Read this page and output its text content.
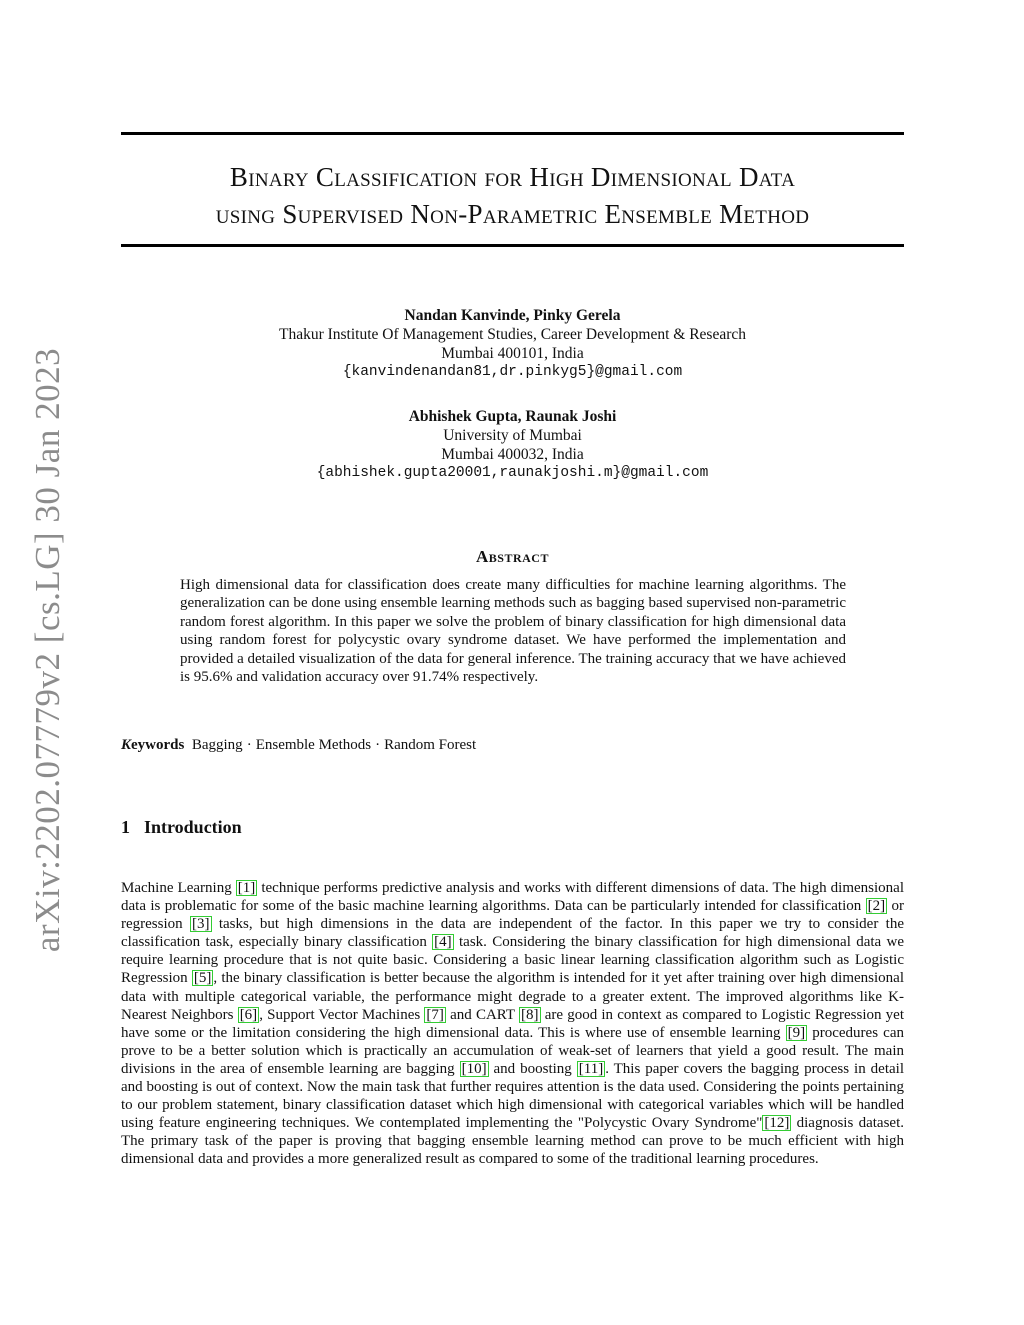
arXiv:2202.07779v2 [cs.LG] 30 Jan 2023
Binary Classification for High Dimensional Data
using Supervised Non-Parametric Ensemble Method
Nandan Kanvinde, Pinky Gerela
Thakur Institute Of Management Studies, Career Development & Research
Mumbai 400101, India
{kanvindenandan81,dr.pinkyg5}@gmail.com
Abhishek Gupta, Raunak Joshi
University of Mumbai
Mumbai 400032, India
{abhishek.gupta20001,raunakjoshi.m}@gmail.com
Abstract
High dimensional data for classification does create many difficulties for machine learning algorithms. The generalization can be done using ensemble learning methods such as bagging based supervised non-parametric random forest algorithm. In this paper we solve the problem of binary classification for high dimensional data using random forest for polycystic ovary syndrome dataset. We have performed the implementation and provided a detailed visualization of the data for general inference. The training accuracy that we have achieved is 95.6% and validation accuracy over 91.74% respectively.
Keywords Bagging · Ensemble Methods · Random Forest
1 Introduction
Machine Learning [1] technique performs predictive analysis and works with different dimensions of data. The high dimensional data is problematic for some of the basic machine learning algorithms. Data can be particularly intended for classification [2] or regression [3] tasks, but high dimensions in the data are independent of the factor. In this paper we try to consider the classification task, especially binary classification [4] task. Considering the binary classification for high dimensional data we require learning procedure that is not quite basic. Considering a basic linear learning classification algorithm such as Logistic Regression [5] , the binary classification is better because the algorithm is intended for it yet after training over high dimensional data with multiple categorical variable, the performance might degrade to a greater extent. The improved algorithms like K-Nearest Neighbors [6] , Support Vector Machines [7] and CART [8] are good in context as compared to Logistic Regression yet have some or the limitation considering the high dimensional data. This is where use of ensemble learning [9] procedures can prove to be a better solution which is practically an accumulation of weak-set of learners that yield a good result. The main divisions in the area of ensemble learning are bagging [10] and boosting [11] . This paper covers the bagging process in detail and boosting is out of context. Now the main task that further requires attention is the data used. Considering the points pertaining to our problem statement, binary classification dataset which high dimensional with categorical variables which will be handled using feature engineering techniques. We contemplated implementing the "Polycystic Ovary Syndrome" [12] diagnosis dataset. The primary task of the paper is proving that bagging ensemble learning method can prove to be much efficient with high dimensional data and provides a more generalized result as compared to some of the traditional learning procedures.
